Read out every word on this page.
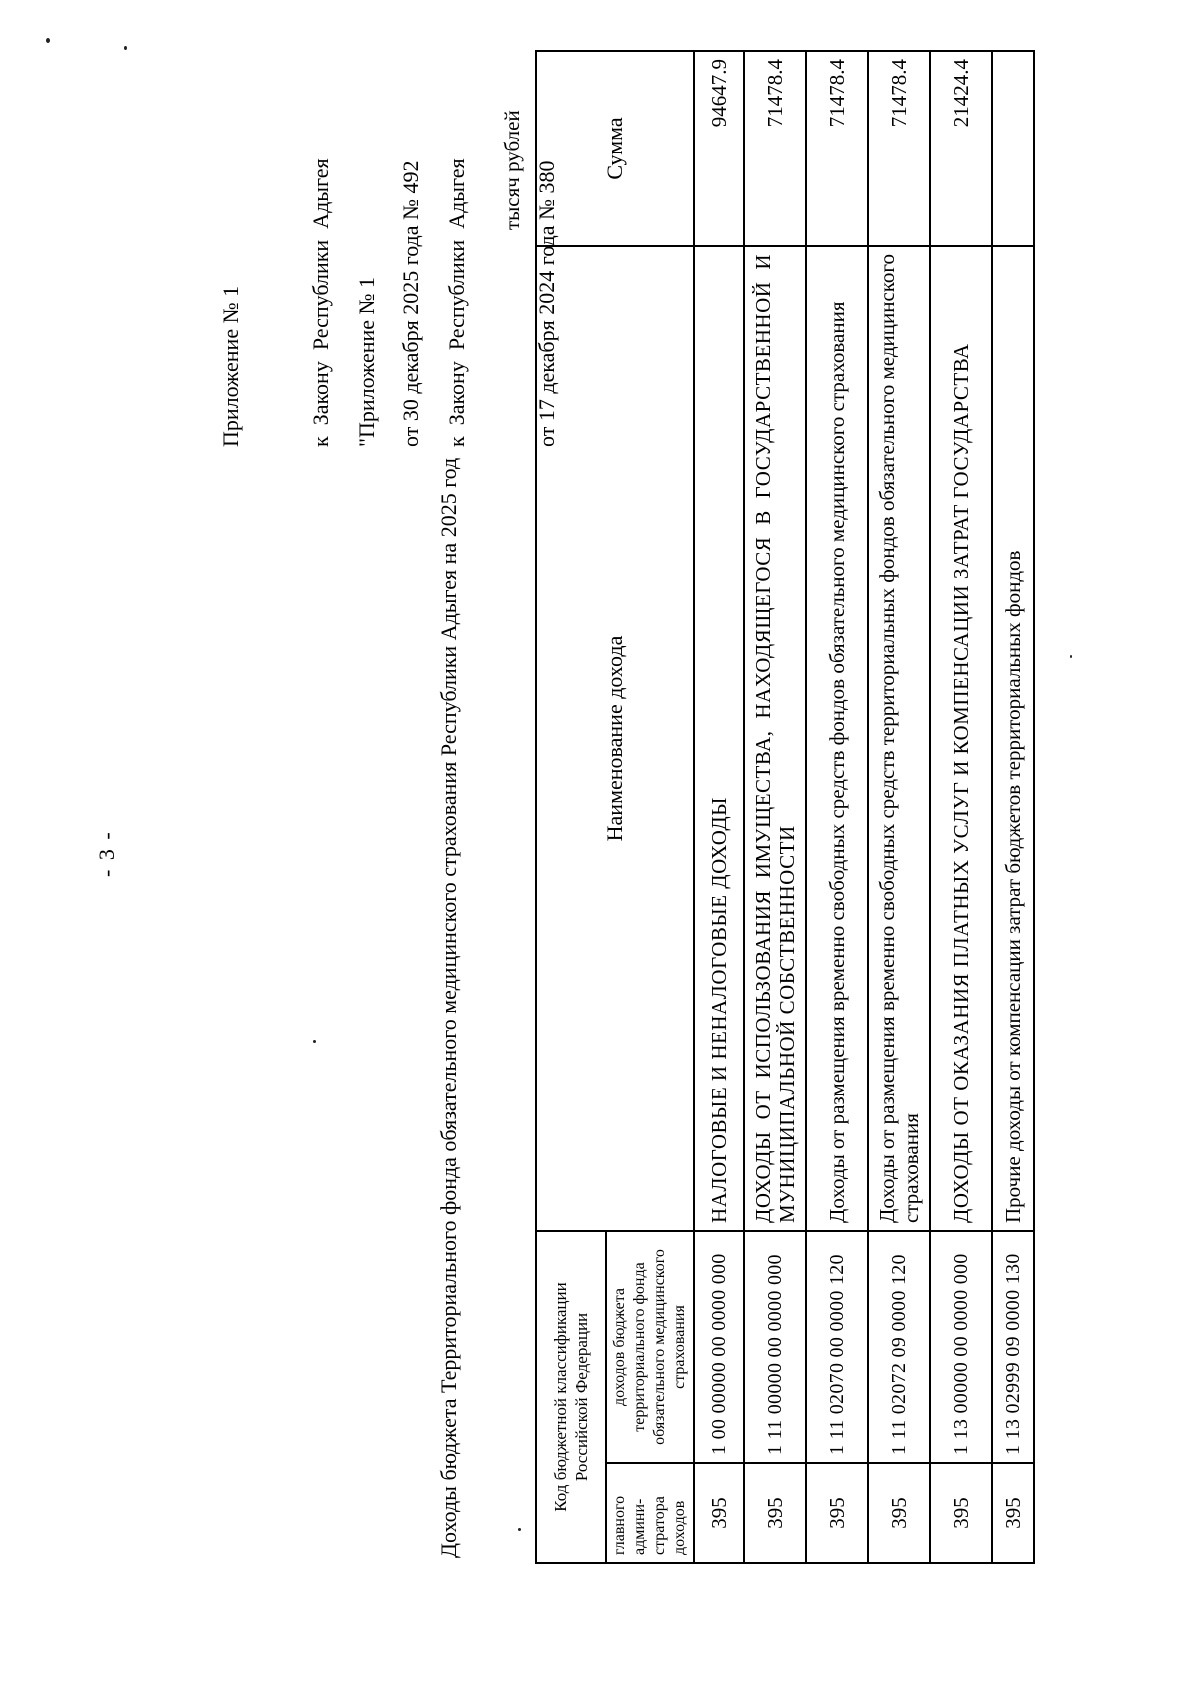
- 3 -

Приложение № 1

	к  Закону  Республики  Адыгея

	от 30 декабря 2025 года № 492

"Приложение № 1

	к  Закону  Республики  Адыгея

	от 17 декабря 2024 года № 380

Доходы бюджета Территориального фонда обязательного медицинского страхования Республики Адыгея на 2025 год
тысяч рублей
Код бюджетной классификации Российской Федерации		Наименование дохода	Сумма
главного админи- стратора доходов	доходов бюджета территориального фонда обязательного медицинского страхования		
395	1 00 00000 00 0000 000	НАЛОГОВЫЕ И НЕНАЛОГОВЫЕ ДОХОДЫ	94647.9
395	1 11 00000 00 0000 000	ДОХОДЫ ОТ ИСПОЛЬЗОВАНИЯ ИМУЩЕСТВА, НАХОДЯЩЕГОСЯ В ГОСУДАРСТВЕННОЙ И МУНИЦИПАЛЬНОЙ СОБСТВЕННОСТИ	71478.4
395	1 11 02070 00 0000 120	Доходы от размещения временно свободных средств фондов обязательного медицинского страхования	71478.4
395	1 11 02072 09 0000 120	Доходы от размещения временно свободных средств территориальных фондов обязательного медицинского страхования	71478.4
395	1 13 00000 00 0000 000	ДОХОДЫ ОТ ОКАЗАНИЯ ПЛАТНЫХ УСЛУГ И КОМПЕНСАЦИИ ЗАТРАТ ГОСУДАРСТВА	21424.4
395	1 13 02999 09 0000 130	Прочие доходы от компенсации затрат бюджетов территориальных фондов	
